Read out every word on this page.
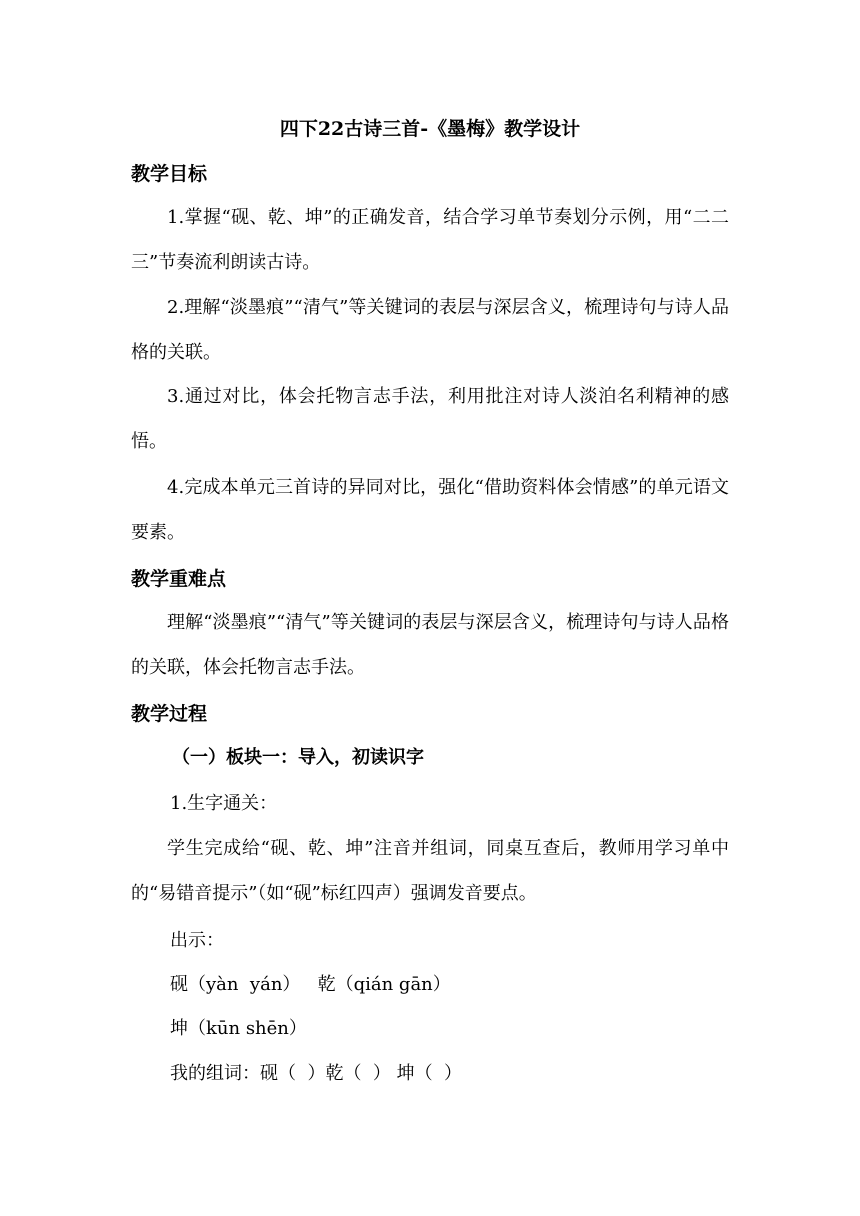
四下22古诗三首-《墨梅》教学设计
教学目标
1.掌握“砚、乾、坤”的正确发音，结合学习单节奏划分示例，用“二二三”节奏流利朗读古诗。
2.理解“淡墨痕”“清气”等关键词的表层与深层含义，梳理诗句与诗人品格的关联。
3.通过对比，体会托物言志手法，利用批注对诗人淡泊名利精神的感悟。
4.完成本单元三首诗的异同对比，强化“借助资料体会情感”的单元语文要素。
教学重难点
理解“淡墨痕”“清气”等关键词的表层与深层含义，梳理诗句与诗人品格的关联，体会托物言志手法。
教学过程
（一）板块一：导入，初读识字
1.生字通关：
学生完成给“砚、乾、坤”注音并组词，同桌互查后，教师用学习单中的“易错音提示”（如“砚”标红四声）强调发音要点。
出示：
砚（yàn  yán）   乾（qián gān）
坤（kūn shēn）
我的组词：砚（  ）乾（  ） 坤（  ）
